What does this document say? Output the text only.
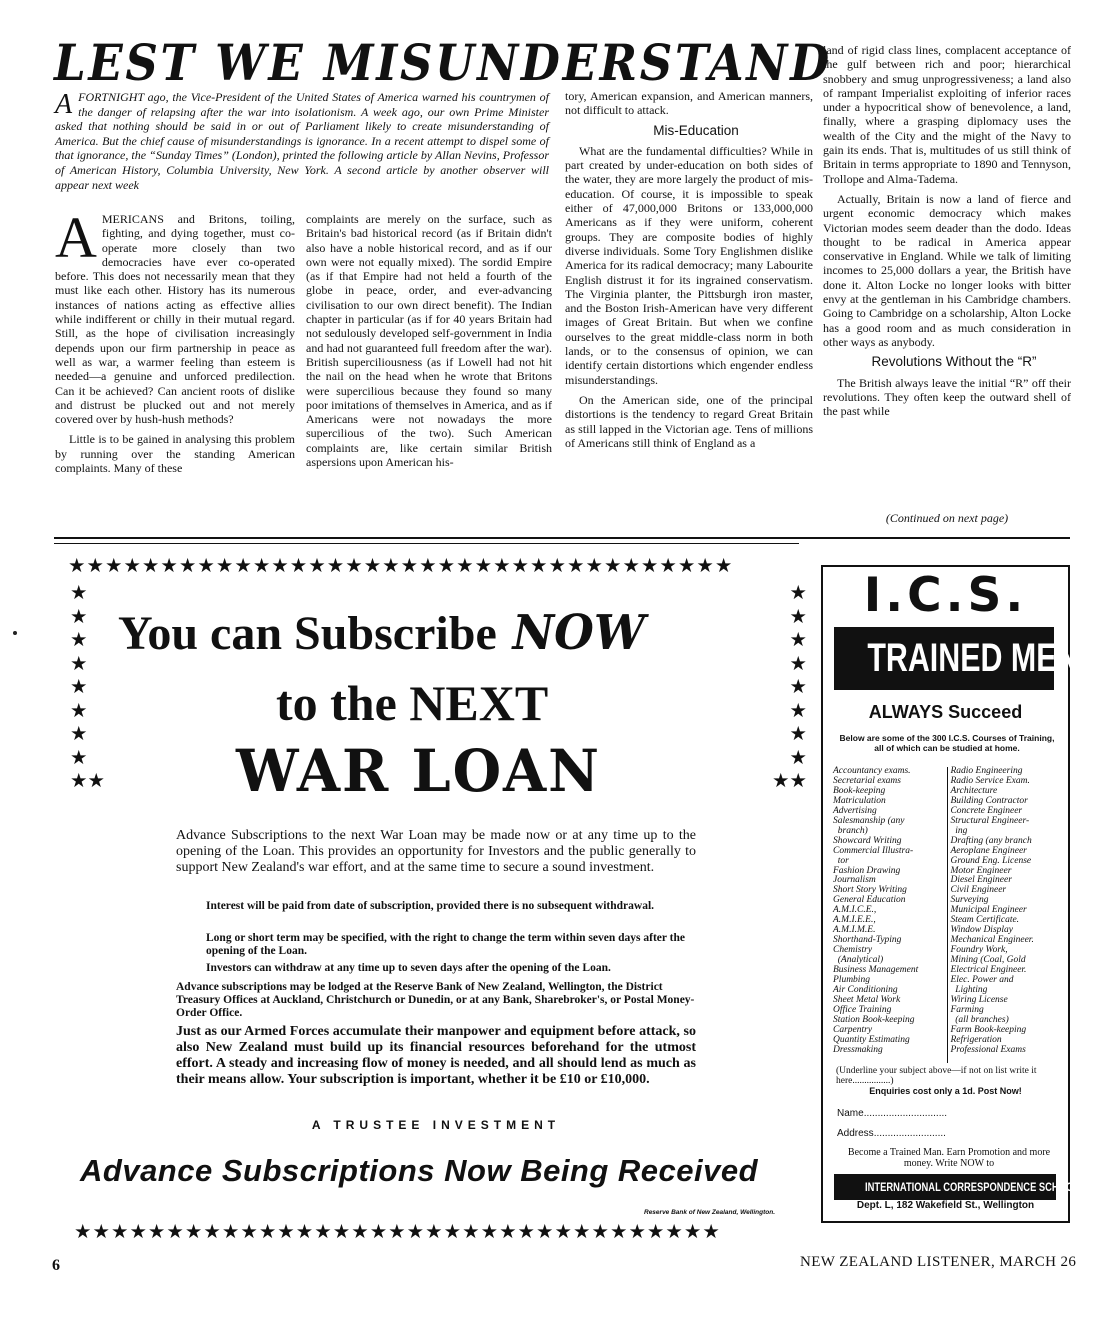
LEST WE MISUNDERSTAND
AFORTNIGHT ago, the Vice-President of the United States of America warned his countrymen of the danger of relapsing after the war into isolationism. A week ago, our own Prime Minister asked that nothing should be said in or out of Parliament likely to create misunderstanding of America. But the chief cause of misunderstandings is ignorance. In a recent attempt to dispel some of that ignorance, the “Sunday Times” (London), printed the following article by Allan Nevins, Professor of American History, Columbia University, New York. A second article by another observer will appear next week

AMERICANS and Britons, toiling, fighting, and dying together, must co-operate more closely than two democracies have ever co-operated before. This does not necessarily mean that they must like each other. History has its numerous instances of nations acting as effective allies while indifferent or chilly in their mutual regard. Still, as the hope of civilisation increasingly depends upon our firm partnership in peace as well as war, a warmer feeling than esteem is needed—a genuine and unforced predilection. Can it be achieved? Can ancient roots of dislike and distrust be plucked out and not merely covered over by hush-hush methods?

Little is to be gained in analysing this problem by running over the standing American complaints. Many of these

complaints are merely on the surface, such as Britain's bad historical record (as if Britain didn't also have a noble historical record, and as if our own were not equally mixed). The sordid Empire (as if that Empire had not held a fourth of the globe in peace, order, and ever-advancing civilisation to our own direct benefit). The Indian chapter in particular (as if for 40 years Britain had not sedulously developed self-government in India and had not guaranteed full freedom after the war). British superciliousness (as if Lowell had not hit the nail on the head when he wrote that Britons were supercilious because they found so many poor imitations of themselves in America, and as if Americans were not nowadays the more supercilious of the two). Such American complaints are, like certain similar British aspersions upon American his-

tory, American expansion, and American manners, not difficult to attack.

Mis-Education

What are the fundamental difficulties? While in part created by under-education on both sides of the water, they are more largely the product of mis-education. Of course, it is impossible to speak either of 47,000,000 Britons or 133,000,000 Americans as if they were uniform, coherent groups. They are composite bodies of highly diverse individuals. Some Tory Englishmen dislike America for its radical democracy; many Labourite English distrust it for its ingrained conservatism. The Virginia planter, the Pittsburgh iron master, and the Boston Irish-American have very different images of Great Britain. But when we confine ourselves to the great middle-class norm in both lands, or to the consensus of opinion, we can identify certain distortions which engender endless misunderstandings.

On the American side, one of the principal distortions is the tendency to regard Great Britain as still lapped in the Victorian age. Tens of millions of Americans still think of England as a

land of rigid class lines, complacent acceptance of the gulf between rich and poor; hierarchical snobbery and smug unprogressiveness; a land also of rampant Imperialist exploiting of inferior races under a hypocritical show of benevolence, a land, finally, where a grasping diplomacy uses the wealth of the City and the might of the Navy to gain its ends. That is, multitudes of us still think of Britain in terms appropriate to 1890 and Tennyson, Trollope and Alma-Tadema.

Actually, Britain is now a land of fierce and urgent economic democracy which makes Victorian modes seem deader than the dodo. Ideas thought to be radical in America appear conservative in England. While we talk of limiting incomes to 25,000 dollars a year, the British have done it. Alton Locke no longer looks with bitter envy at the gentleman in his Cambridge chambers. Going to Cambridge on a scholarship, Alton Locke has a good room and as much consideration in other ways as anybody.

Revolutions Without the “R”

The British always leave the initial “R” off their revolutions. They often keep the outward shell of the past while

(Continued on next page)
★★★★★★★★★★★★★★★★★★★★★★★★★★★★★★★★★★★★
★
★
★
★
★
★
★
★
★★
★
★
★
★
★
★
★
★
★★
You can Subscribe NOW
to the NEXT
WAR LOAN

Advance Subscriptions to the next War Loan may be made now or at any time up to the opening of the Loan. This provides an opportunity for Investors and the public generally to support New Zealand's war effort, and at the same time to secure a sound investment.

Interest will be paid from date of subscription, provided there is no subsequent withdrawal.

Long or short term may be specified, with the right to change the term within seven days after the opening of the Loan.

Investors can withdraw at any time up to seven days after the opening of the Loan.

Advance subscriptions may be lodged at the Reserve Bank of New Zealand, Wellington, the District Treasury Offices at Auckland, Christchurch or Dunedin, or at any Bank, Sharebroker's, or Postal Money-Order Office.

Just as our Armed Forces accumulate their manpower and equipment before attack, so also New Zealand must build up its financial resources beforehand for the utmost effort. A steady and increasing flow of money is needed, and all should lend as much as their means allow. Your subscription is important, whether it be £10 or £10,000.

A TRUSTEE INVESTMENT
Advance Subscriptions Now Being Received
Reserve Bank of New Zealand, Wellington.
★★★★★★★★★★★★★★★★★★★★★★★★★★★★★★★★★★★
I.C.S.
TRAINED MEN
ALWAYS Succeed
Below are some of the 300 I.C.S. Courses of Training, all of which can be studied at home.
Accountancy exams.
Secretarial exams
Book-keeping
Matriculation
Advertising
Salesmanship (any
branch)
Showcard Writing
Commercial Illustra-
tor
Fashion Drawing
Journalism
Short Story Writing
General Education
A.M.I.C.E.,
A.M.I.E.E.,
A.M.I.M.E.
Shorthand-Typing
Chemistry
(Analytical)
Business Management
Plumbing
Air Conditioning
Sheet Metal Work
Office Training
Station Book-keeping
Carpentry
Quantity Estimating
Dressmaking
Radio Engineering
Radio Service Exam.
Architecture
Building Contractor
Concrete Engineer
Structural Engineer-
ing
Drafting (any branch
Aeroplane Engineer
Ground Eng. License
Motor Engineer
Diesel Engineer
Civil Engineer
Surveying
Municipal Engineer
Steam Certificate.
Window Display
Mechanical Engineer.
Foundry Work,
Mining (Coal, Gold
Electrical Engineer.
Elec. Power and
Lighting
Wiring License
Farming
(all branches)
Farm Book-keeping
Refrigeration
Professional Exams
(Underline your subject above—if not on list write it here................)
Enquiries cost only a 1d. Post Now!
Name..............................
Address..........................
Become a Trained Man. Earn Promotion and more money. Write NOW to
INTERNATIONAL CORRESPONDENCE SCHOOLS
Dept. L, 182 Wakefield St., Wellington
6	NEW ZEALAND LISTENER, MARCH 26
